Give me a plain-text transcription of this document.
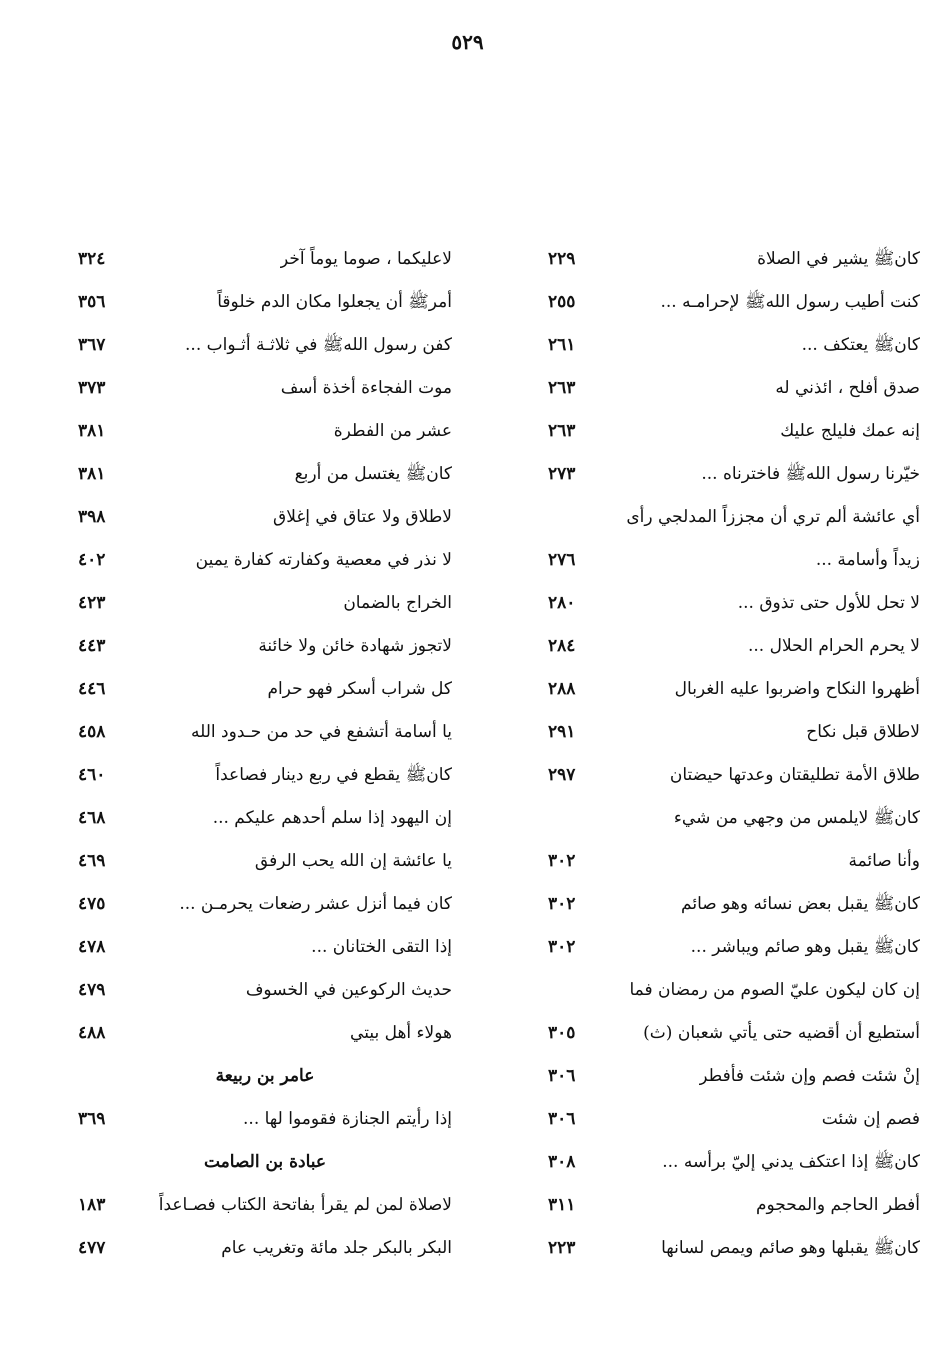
٥٢٩
كانﷺ يشير في الصلاة
٢٢٩
كنت أطيب رسول اللهﷺ لإحرامـه ...
٢٥٥
كانﷺ يعتكف ...
٢٦١
صدق أفلح ، ائذني له
٢٦٣
إنه عمك فليلج عليك
٢٦٣
خيّرنا رسول اللهﷺ فاخترناه ...
٢٧٣
أي عائشة ألم تري أن مجززاً المدلجي رأى
زيداً وأسامة ...
٢٧٦
لا تحل للأول حتى تذوق ...
٢٨٠
لا يحرم الحرام الحلال ...
٢٨٤
أظهروا النكاح واضربوا عليه الغربال
٢٨٨
لاطلاق قبل نكاح
٢٩١
طلاق الأمة تطليقتان وعدتها حيضتان
٢٩٧
كانﷺ لايلمس من وجهي من شيء
وأنا صائمة
٣٠٢
كانﷺ يقبل بعض نسائه وهو صائم
٣٠٢
كانﷺ يقبل وهو صائم ويباشر ...
٣٠٢
إن كان ليكون عليّ الصوم من رمضان فما
أستطيع أن أقضيه حتى يأتي شعبان (ث)
٣٠٥
إنْ شئت فصم وإن شئت فأفطر
٣٠٦
فصم إن شئت
٣٠٦
كانﷺ إذا اعتكف يدني إليّ برأسه ...
٣٠٨
أفطر الحاجم والمحجوم
٣١١
كانﷺ يقبلها وهو صائم ويمص لسانها
٢٢٣
لاعليكما ، صوما يوماً آخر
٣٢٤
أمرﷺ أن يجعلوا مكان الدم خلوقاً
٣٥٦
كفن رسول اللهﷺ في ثلاثـة أثـواب ...
٣٦٧
موت الفجاءة أخذة أسف
٣٧٣
عشر من الفطرة
٣٨١
كانﷺ يغتسل من أربع
٣٨١
لاطلاق ولا عتاق في إغلاق
٣٩٨
لا نذر في معصية وكفارته كفارة يمين
٤٠٢
الخراج بالضمان
٤٢٣
لاتجوز شهادة خائن ولا خائنة
٤٤٣
كل شراب أسكر فهو حرام
٤٤٦
يا أسامة أتشفع في حد من حـدود الله
٤٥٨
كانﷺ يقطع في ربع دينار فصاعداً
٤٦٠
إن اليهود إذا سلم أحدهم عليكم ...
٤٦٨
يا عائشة إن الله يحب الرفق
٤٦٩
كان فيما أنزل عشر رضعات يحرمـن ...
٤٧٥
إذا التقى الختانان ...
٤٧٨
حديث الركوعين في الخسوف
٤٧٩
هولاء أهل بيتي
٤٨٨
عامر بن ربيعة
إذا رأيتم الجنازة فقوموا لها ...
٣٦٩
عبادة بن الصامت
لاصلاة لمن لم يقرأ بفاتحة الكتاب فصـاعداً
١٨٣
البكر بالبكر جلد مائة وتغريب عام
٤٧٧
